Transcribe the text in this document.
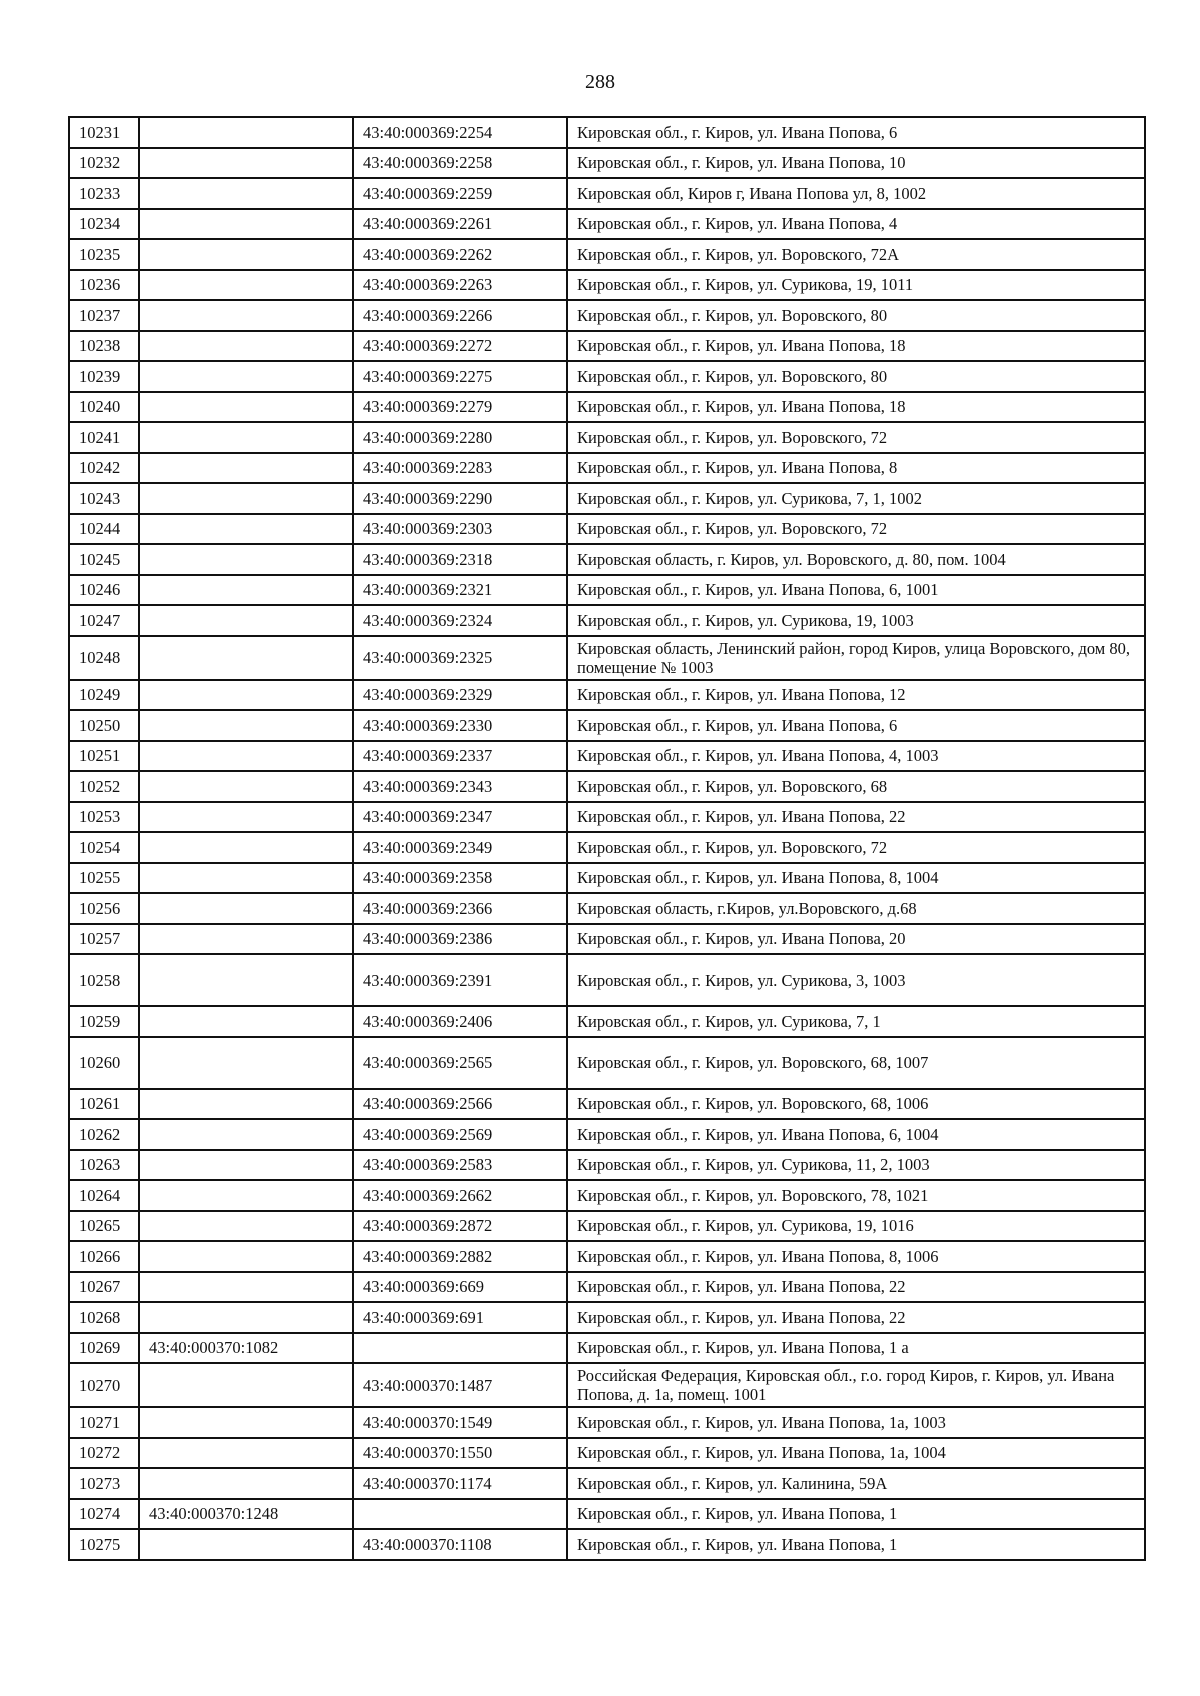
288
10231		43:40:000369:2254	Кировская обл., г. Киров, ул. Ивана Попова, 6
10232		43:40:000369:2258	Кировская обл., г. Киров, ул. Ивана Попова, 10
10233		43:40:000369:2259	Кировская обл, Киров г, Ивана Попова ул, 8, 1002
10234		43:40:000369:2261	Кировская обл., г. Киров, ул. Ивана Попова, 4
10235		43:40:000369:2262	Кировская обл., г. Киров, ул. Воровского, 72А
10236		43:40:000369:2263	Кировская обл., г. Киров, ул. Сурикова, 19, 1011
10237		43:40:000369:2266	Кировская обл., г. Киров, ул. Воровского, 80
10238		43:40:000369:2272	Кировская обл., г. Киров, ул. Ивана Попова, 18
10239		43:40:000369:2275	Кировская обл., г. Киров, ул. Воровского, 80
10240		43:40:000369:2279	Кировская обл., г. Киров, ул. Ивана Попова, 18
10241		43:40:000369:2280	Кировская обл., г. Киров, ул. Воровского, 72
10242		43:40:000369:2283	Кировская обл., г. Киров, ул. Ивана Попова, 8
10243		43:40:000369:2290	Кировская обл., г. Киров, ул. Сурикова, 7, 1, 1002
10244		43:40:000369:2303	Кировская обл., г. Киров, ул. Воровского, 72
10245		43:40:000369:2318	Кировская область, г. Киров, ул. Воровского, д. 80, пом. 1004
10246		43:40:000369:2321	Кировская обл., г. Киров, ул. Ивана Попова, 6, 1001
10247		43:40:000369:2324	Кировская обл., г. Киров, ул. Сурикова, 19, 1003
10248		43:40:000369:2325	Кировская область, Ленинский район, город Киров, улица Воровского, дом 80, помещение № 1003
10249		43:40:000369:2329	Кировская обл., г. Киров, ул. Ивана Попова, 12
10250		43:40:000369:2330	Кировская обл., г. Киров, ул. Ивана Попова, 6
10251		43:40:000369:2337	Кировская обл., г. Киров, ул. Ивана Попова, 4, 1003
10252		43:40:000369:2343	Кировская обл., г. Киров, ул. Воровского, 68
10253		43:40:000369:2347	Кировская обл., г. Киров, ул. Ивана Попова, 22
10254		43:40:000369:2349	Кировская обл., г. Киров, ул. Воровского, 72
10255		43:40:000369:2358	Кировская обл., г. Киров, ул. Ивана Попова, 8, 1004
10256		43:40:000369:2366	Кировская область, г.Киров, ул.Воровского, д.68
10257		43:40:000369:2386	Кировская обл., г. Киров, ул. Ивана Попова, 20
10258		43:40:000369:2391	Кировская обл., г. Киров, ул. Сурикова, 3, 1003
10259		43:40:000369:2406	Кировская обл., г. Киров, ул. Сурикова, 7, 1
10260		43:40:000369:2565	Кировская обл., г. Киров, ул. Воровского, 68, 1007
10261		43:40:000369:2566	Кировская обл., г. Киров, ул. Воровского, 68, 1006
10262		43:40:000369:2569	Кировская обл., г. Киров, ул. Ивана Попова, 6, 1004
10263		43:40:000369:2583	Кировская обл., г. Киров, ул. Сурикова, 11, 2, 1003
10264		43:40:000369:2662	Кировская обл., г. Киров, ул. Воровского, 78, 1021
10265		43:40:000369:2872	Кировская обл., г. Киров, ул. Сурикова, 19, 1016
10266		43:40:000369:2882	Кировская обл., г. Киров, ул. Ивана Попова, 8, 1006
10267		43:40:000369:669	Кировская обл., г. Киров, ул. Ивана Попова, 22
10268		43:40:000369:691	Кировская обл., г. Киров, ул. Ивана Попова, 22
10269	43:40:000370:1082		Кировская обл., г. Киров, ул. Ивана Попова, 1 а
10270		43:40:000370:1487	Российская Федерация, Кировская обл., г.о. город Киров, г. Киров, ул. Ивана Попова, д. 1а, помещ. 1001
10271		43:40:000370:1549	Кировская обл., г. Киров, ул. Ивана Попова, 1а, 1003
10272		43:40:000370:1550	Кировская обл., г. Киров, ул. Ивана Попова, 1а, 1004
10273		43:40:000370:1174	Кировская обл., г. Киров, ул. Калинина, 59А
10274	43:40:000370:1248		Кировская обл., г. Киров, ул. Ивана Попова, 1
10275		43:40:000370:1108	Кировская обл., г. Киров, ул. Ивана Попова, 1
